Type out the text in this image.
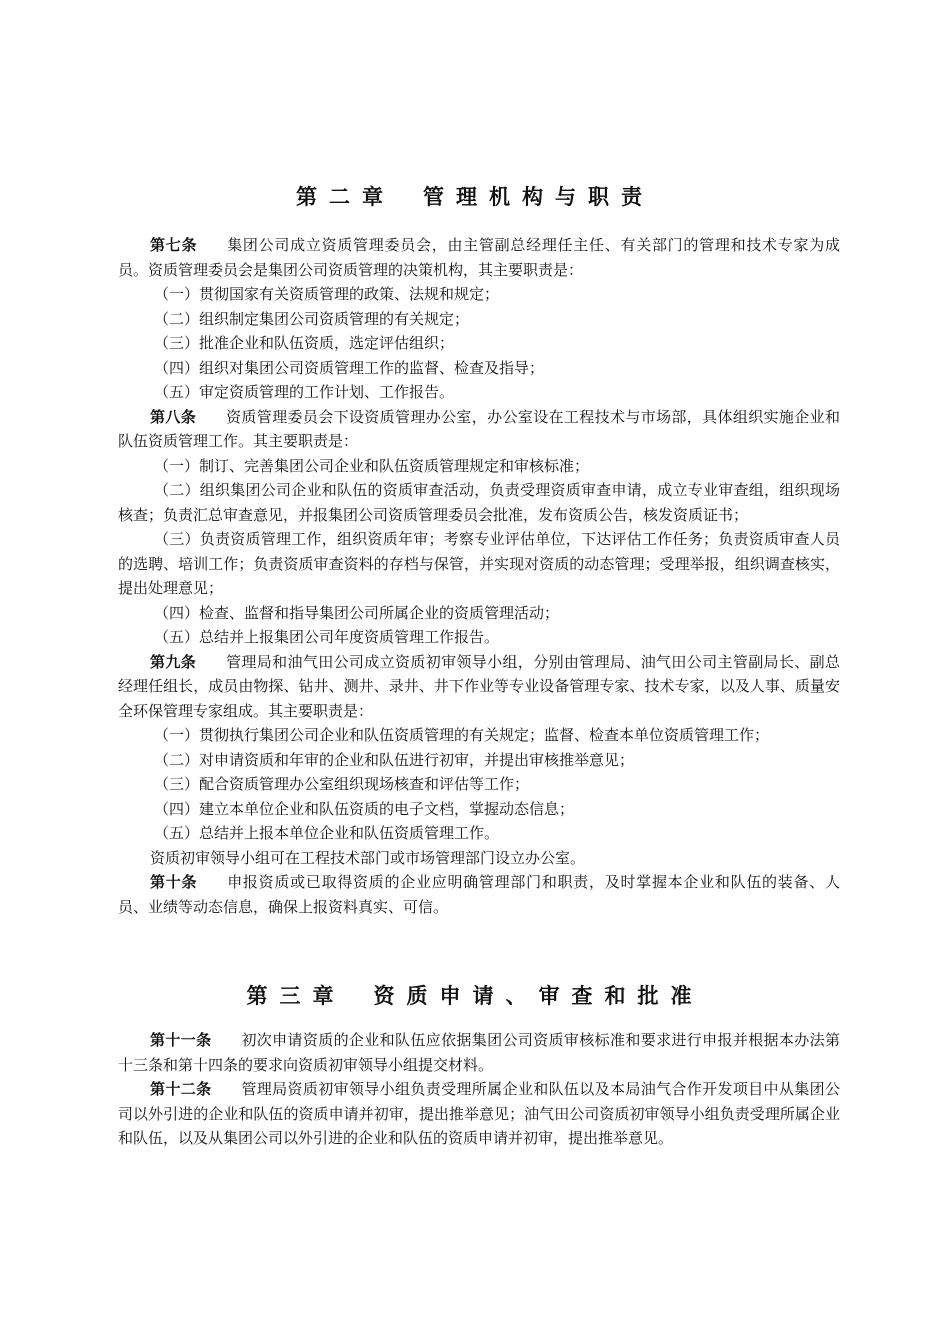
第二章 管理机构与职责
第七条 集团公司成立资质管理委员会，由主管副总经理任主任、有关部门的管理和技术专家为成员。资质管理委员会是集团公司资质管理的决策机构，其主要职责是：
（一）贯彻国家有关资质管理的政策、法规和规定；
（二）组织制定集团公司资质管理的有关规定；
（三）批准企业和队伍资质，选定评估组织；
（四）组织对集团公司资质管理工作的监督、检查及指导；
（五）审定资质管理的工作计划、工作报告。
第八条 资质管理委员会下设资质管理办公室，办公室设在工程技术与市场部，具体组织实施企业和队伍资质管理工作。其主要职责是：
（一）制订、完善集团公司企业和队伍资质管理规定和审核标准；
（二）组织集团公司企业和队伍的资质审查活动，负责受理资质审查申请，成立专业审查组，组织现场核查；负责汇总审查意见，并报集团公司资质管理委员会批准，发布资质公告，核发资质证书；
（三）负责资质管理工作，组织资质年审；考察专业评估单位，下达评估工作任务；负责资质审查人员的选聘、培训工作；负责资质审查资料的存档与保管，并实现对资质的动态管理；受理举报，组织调查核实，提出处理意见；
（四）检查、监督和指导集团公司所属企业的资质管理活动；
（五）总结并上报集团公司年度资质管理工作报告。
第九条 管理局和油气田公司成立资质初审领导小组，分别由管理局、油气田公司主管副局长、副总经理任组长，成员由物探、钻井、测井、录井、井下作业等专业设备管理专家、技术专家，以及人事、质量安全环保管理专家组成。其主要职责是：
（一）贯彻执行集团公司企业和队伍资质管理的有关规定；监督、检查本单位资质管理工作；
（二）对申请资质和年审的企业和队伍进行初审，并提出审核推举意见；
（三）配合资质管理办公室组织现场核查和评估等工作；
（四）建立本单位企业和队伍资质的电子文档，掌握动态信息；
（五）总结并上报本单位企业和队伍资质管理工作。
资质初审领导小组可在工程技术部门或市场管理部门设立办公室。
第十条 申报资质或已取得资质的企业应明确管理部门和职责，及时掌握本企业和队伍的装备、人员、业绩等动态信息，确保上报资料真实、可信。
第三章 资质申请、审查和批准
第十一条 初次申请资质的企业和队伍应依据集团公司资质审核标准和要求进行申报并根据本办法第十三条和第十四条的要求向资质初审领导小组提交材料。
第十二条 管理局资质初审领导小组负责受理所属企业和队伍以及本局油气合作开发项目中从集团公司以外引进的企业和队伍的资质申请并初审，提出推举意见；油气田公司资质初审领导小组负责受理所属企业和队伍，以及从集团公司以外引进的企业和队伍的资质申请并初审，提出推举意见。
